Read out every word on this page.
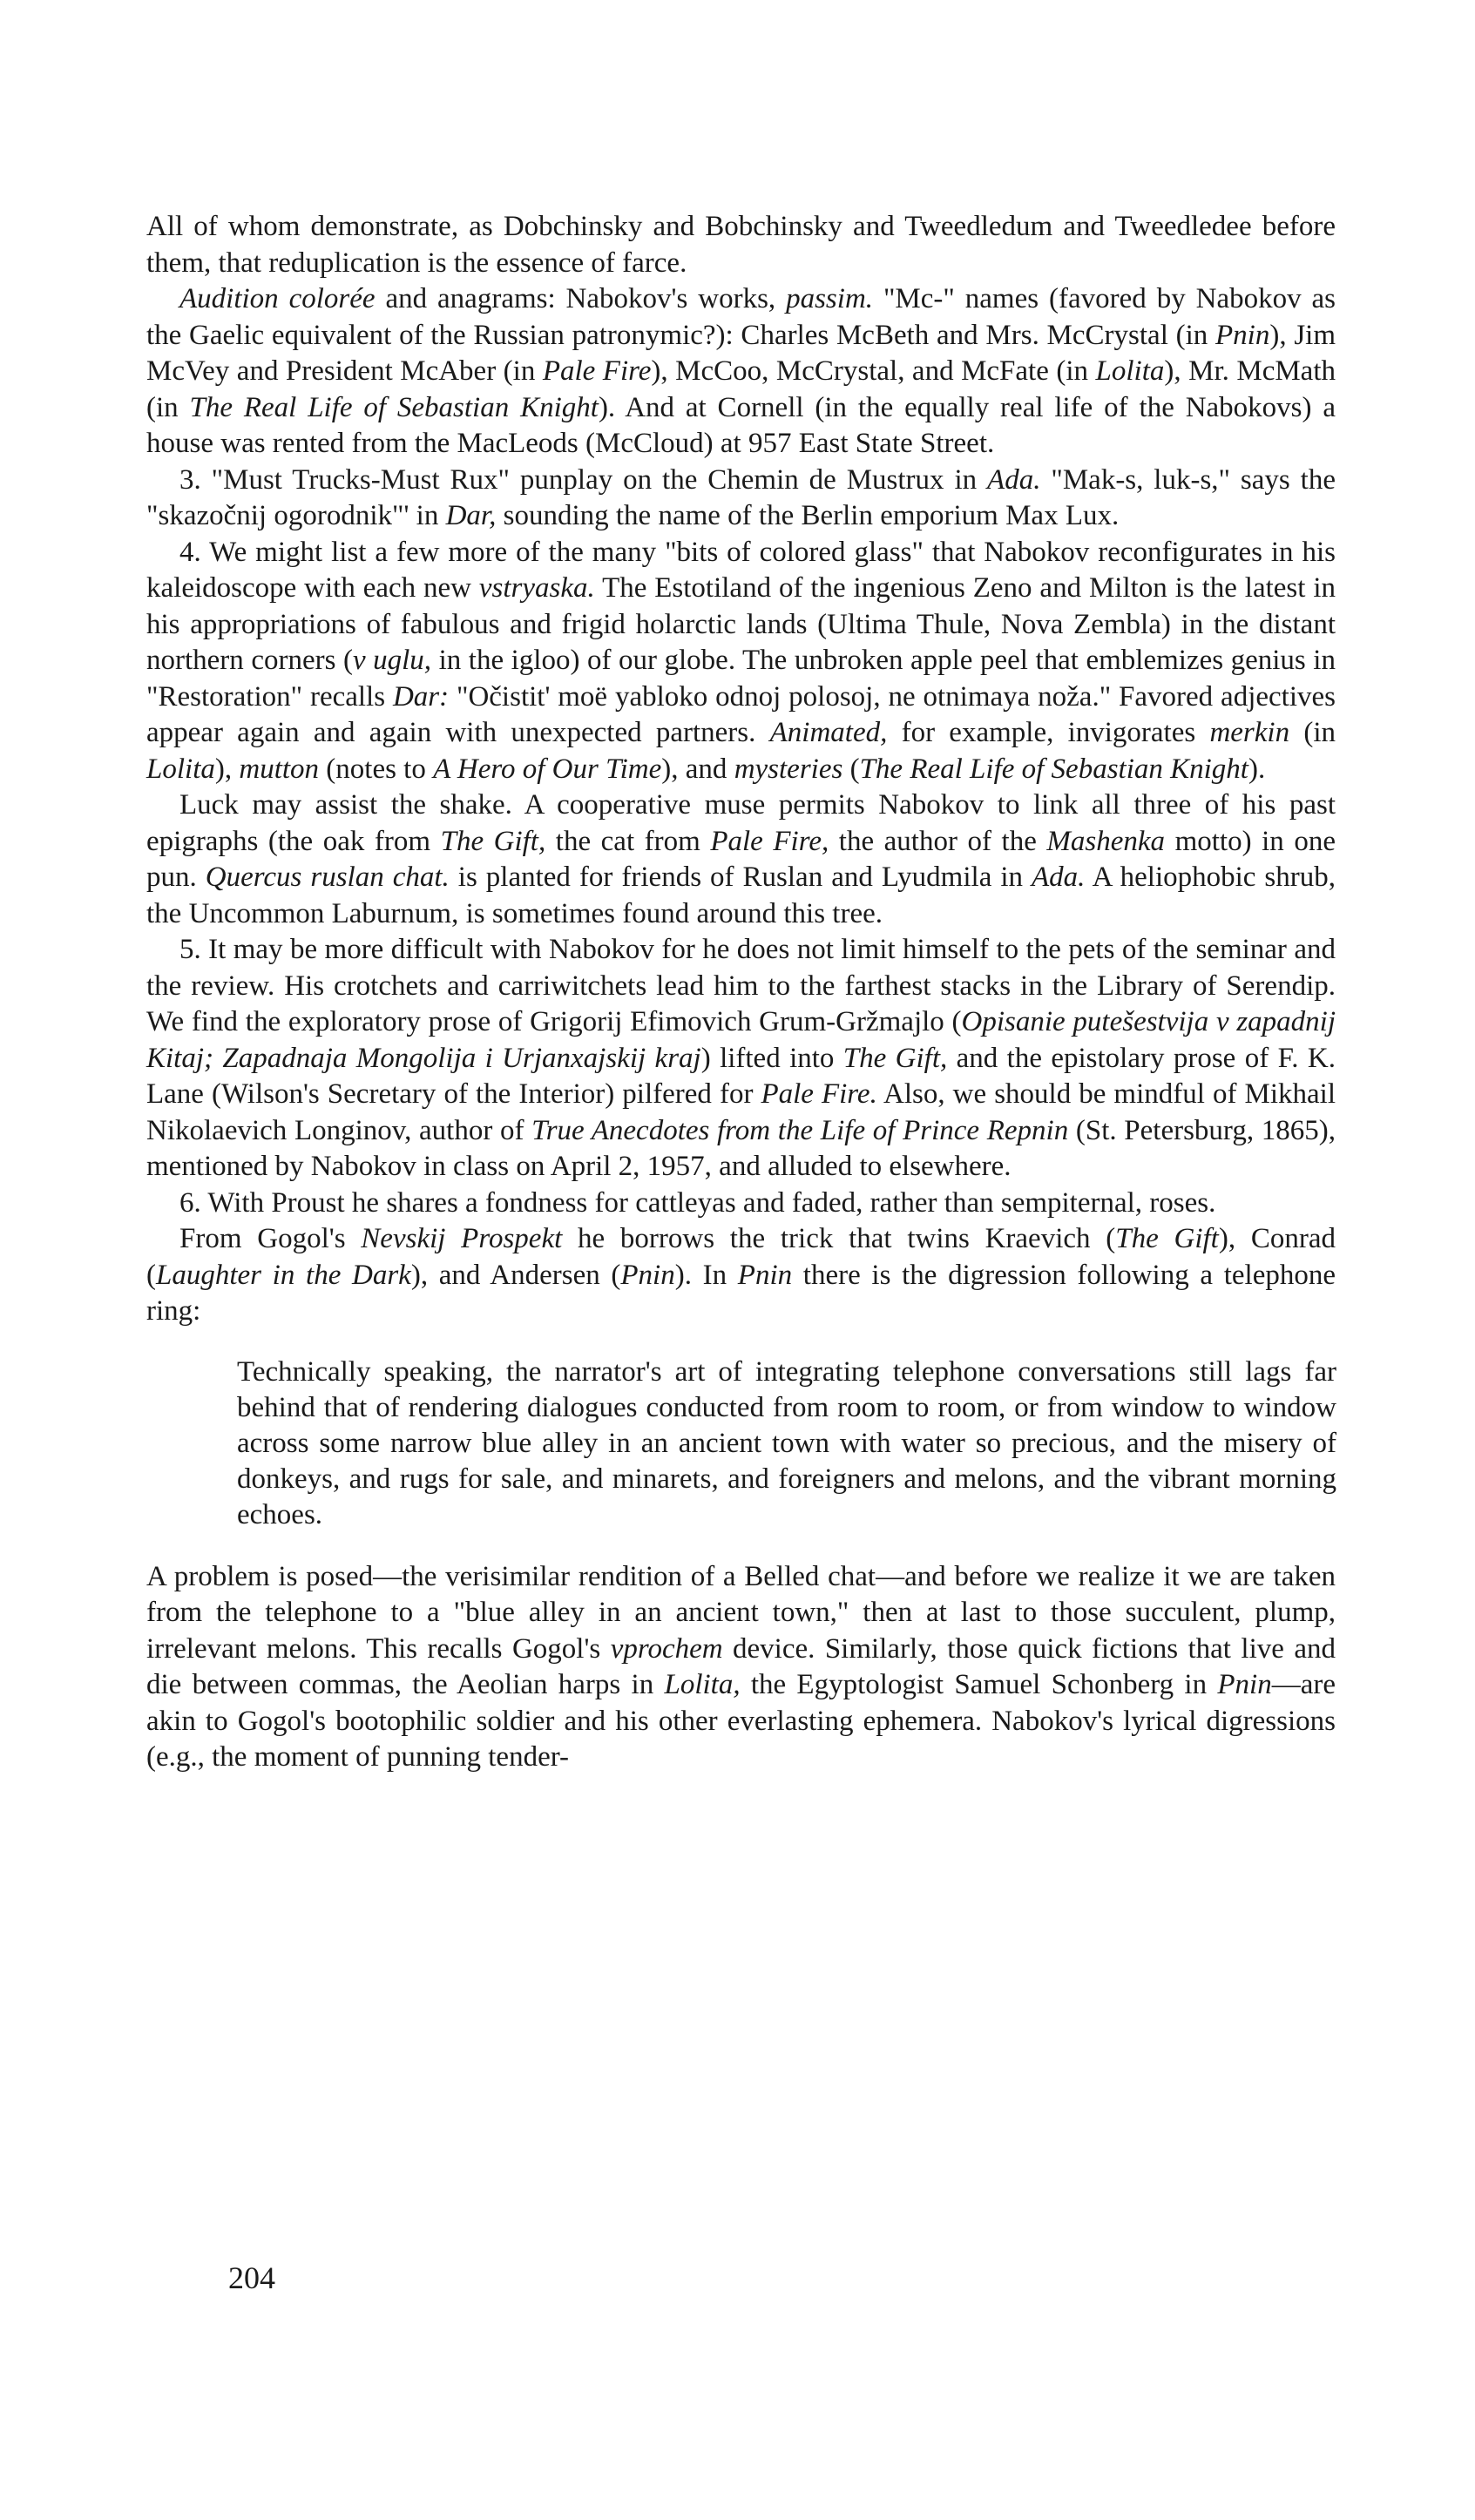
All of whom demonstrate, as Dobchinsky and Bobchinsky and Tweedledum and Tweedledee before them, that reduplication is the essence of farce.

Audition colorée and anagrams: Nabokov's works, passim. "Mc-" names (favored by Nabokov as the Gaelic equivalent of the Russian patronymic?): Charles McBeth and Mrs. McCrystal (in Pnin), Jim McVey and President McAber (in Pale Fire), McCoo, McCrystal, and McFate (in Lolita), Mr. McMath (in The Real Life of Sebastian Knight). And at Cornell (in the equally real life of the Nabokovs) a house was rented from the MacLeods (McCloud) at 957 East State Street.

3. "Must Trucks-Must Rux" punplay on the Chemin de Mustrux in Ada. "Mak-s, luk-s," says the "skazočnij ogorodnik"' in Dar, sounding the name of the Berlin emporium Max Lux.

4. We might list a few more of the many "bits of colored glass" that Nabokov reconfigurates in his kaleidoscope with each new vstryaska. The Estotiland of the ingenious Zeno and Milton is the latest in his appropriations of fabulous and frigid holarctic lands (Ultima Thule, Nova Zembla) in the distant northern corners (v uglu, in the igloo) of our globe. The unbroken apple peel that emblemizes genius in "Restoration" recalls Dar: "Očistit' moë yabloko odnoj polosoj, ne otnimaya noža." Favored adjectives appear again and again with unexpected partners. Animated, for example, invigorates merkin (in Lolita), mutton (notes to A Hero of Our Time), and mysteries (The Real Life of Sebastian Knight).

Luck may assist the shake. A cooperative muse permits Nabokov to link all three of his past epigraphs (the oak from The Gift, the cat from Pale Fire, the author of the Mashenka motto) in one pun. Quercus ruslan chat. is planted for friends of Ruslan and Lyudmila in Ada. A heliophobic shrub, the Uncommon Laburnum, is sometimes found around this tree.

5. It may be more difficult with Nabokov for he does not limit himself to the pets of the seminar and the review. His crotchets and carriwitchets lead him to the farthest stacks in the Library of Serendip. We find the exploratory prose of Grigorij Efimovich Grum-Gržmajlo (Opisanie putešestvija v zapadnij Kitaj; Zapadnaja Mongolija i Urjanxajskij kraj) lifted into The Gift, and the epistolary prose of F. K. Lane (Wilson's Secretary of the Interior) pilfered for Pale Fire. Also, we should be mindful of Mikhail Nikolaevich Longinov, author of True Anecdotes from the Life of Prince Repnin (St. Petersburg, 1865), mentioned by Nabokov in class on April 2, 1957, and alluded to elsewhere.

6. With Proust he shares a fondness for cattleyas and faded, rather than sempiternal, roses.

From Gogol's Nevskij Prospekt he borrows the trick that twins Kraevich (The Gift), Conrad (Laughter in the Dark), and Andersen (Pnin). In Pnin there is the digression following a telephone ring:

Technically speaking, the narrator's art of integrating telephone conversations still lags far behind that of rendering dialogues conducted from room to room, or from window to window across some narrow blue alley in an ancient town with water so precious, and the misery of donkeys, and rugs for sale, and minarets, and foreigners and melons, and the vibrant morning echoes.

A problem is posed—the verisimilar rendition of a Belled chat—and before we realize it we are taken from the telephone to a "blue alley in an ancient town," then at last to those succulent, plump, irrelevant melons. This recalls Gogol's vprochem device. Similarly, those quick fictions that live and die between commas, the Aeolian harps in Lolita, the Egyptologist Samuel Schonberg in Pnin—are akin to Gogol's bootophilic soldier and his other everlasting ephemera. Nabokov's lyrical digressions (e.g., the moment of punning tender-

204
